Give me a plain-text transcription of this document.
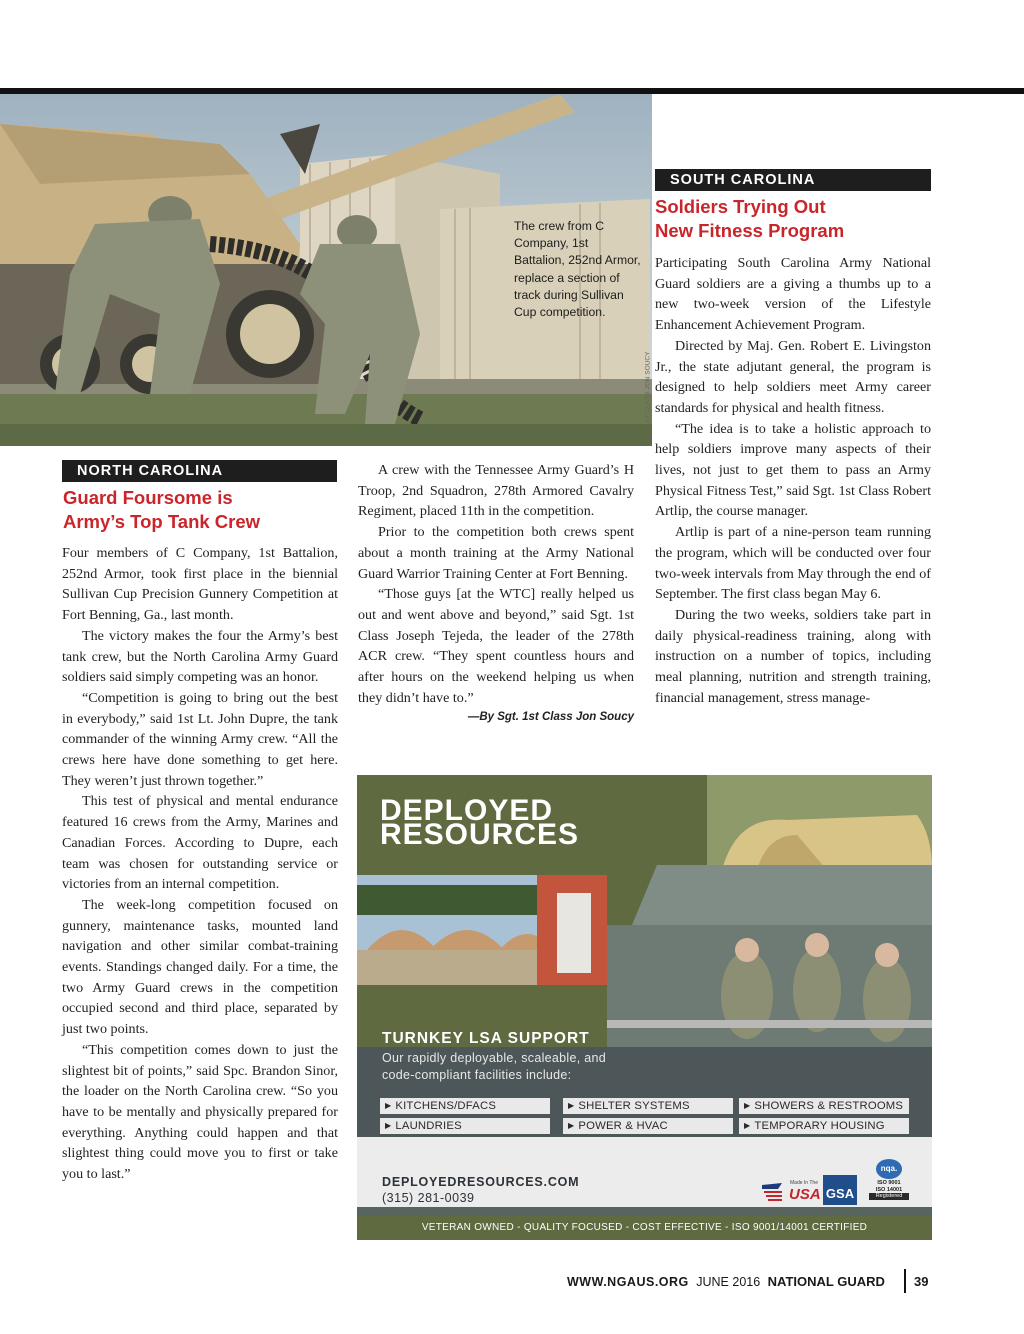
The crew from C Company, 1st Battalion, 252nd Armor, replace a section of track during Sullivan Cup competition.
SGT. 1ST CLASS JON SOUCY
NORTH CAROLINA
Guard Foursome is
Army’s Top Tank Crew

Four members of C Company, 1st Battalion, 252nd Armor, took first place in the biennial Sullivan Cup Precision Gunnery Competition at Fort Benning, Ga., last month.

The victory makes the four the Army’s best tank crew, but the North Carolina Army Guard soldiers said simply competing was an honor.

“Competition is going to bring out the best in everybody,” said 1st Lt. John Dupre, the tank commander of the winning Army crew. “All the crews here have done something to get here. They weren’t just thrown together.”

This test of physical and mental endurance featured 16 crews from the Army, Marines and Canadian Forces. According to Dupre, each team was chosen for outstanding service or victories from an internal competition.

The week-long competition focused on gunnery, maintenance tasks, mounted land navigation and other similar combat-training events. Standings changed daily. For a time, the two Army Guard crews in the competition occupied second and third place, separated by just two points.

“This competition comes down to just the slightest bit of points,” said Spc. Brandon Sinor, the loader on the North Carolina crew. “So you have to be mentally and physically prepared for everything. Anything could happen and that slightest thing could move you to first or take you to last.”

A crew with the Tennessee Army Guard’s H Troop, 2nd Squadron, 278th Armored Cavalry Regiment, placed 11th in the competition.

Prior to the competition both crews spent about a month training at the Army National Guard Warrior Training Center at Fort Benning.

“Those guys [at the WTC] really helped us out and went above and beyond,” said Sgt. 1st Class Joseph Tejeda, the leader of the 278th ACR crew. “They spent countless hours and after hours on the weekend helping us when they didn’t have to.”

—By Sgt. 1st Class Jon Soucy
SOUTH CAROLINA
Soldiers Trying Out
New Fitness Program

Participating South Carolina Army National Guard soldiers are a giving a thumbs up to a new two-week version of the Lifestyle Enhancement Achievement Program.

Directed by Maj. Gen. Robert E. Livingston Jr., the state adjutant general, the program is designed to help soldiers meet Army career standards for physical and health fitness.

“The idea is to take a holistic approach to help soldiers improve many aspects of their lives, not just to get them to pass an Army Physical Fitness Test,” said Sgt. 1st Class Robert Artlip, the course manager.

Artlip is part of a nine-person team running the program, which will be conducted over four two-week intervals from May through the end of September. The first class began May 6.

During the two weeks, soldiers take part in daily physical-readiness training, along with instruction on a number of topics, including meal planning, nutrition and strength training, financial management, stress manage-

DEPLOYED
RESOURCES
TURNKEY LSA SUPPORT
Our rapidly deployable, scaleable, and code-compliant facilities include:
▶ KITCHENS/DFACS	▶ SHELTER SYSTEMS	▶ SHOWERS & RESTROOMS
▶ LAUNDRIES	▶ POWER & HVAC	▶ TEMPORARY HOUSING
DEPLOYEDRESOURCES.COM
(315) 281-0039
Made In The
USA GSA
nqa.
ISO 9001
ISO 14001
Registered
VETERAN OWNED - QUALITY FOCUSED - COST EFFECTIVE - ISO 9001/14001 CERTIFIED
WWW.NGAUS.ORG JUNE 2016 NATIONAL GUARD 39
